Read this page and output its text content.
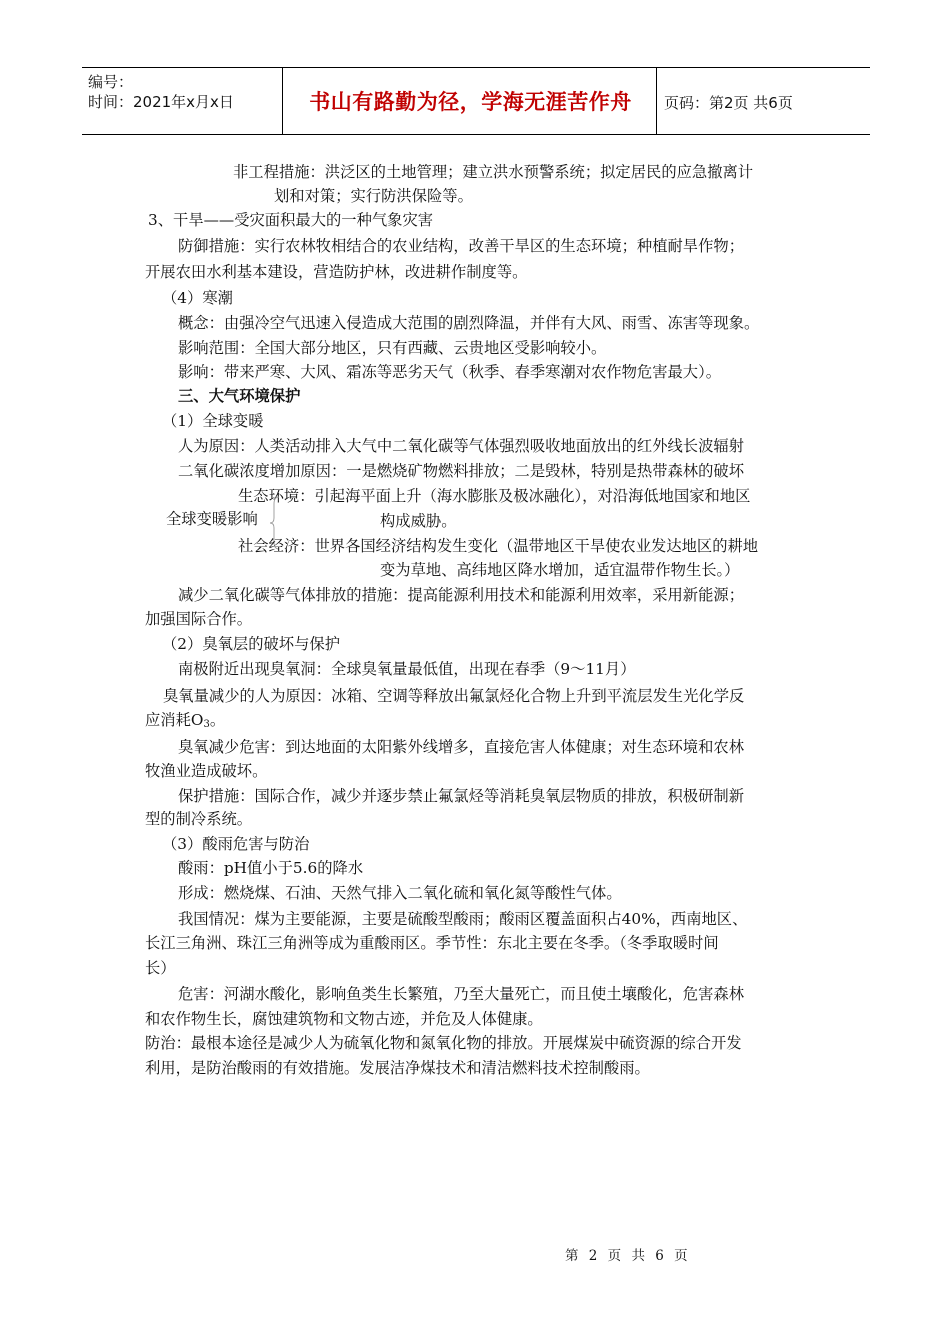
编号：
时间：2021年x月x日	书山有路勤为径，学海无涯苦作舟	页码：第2页 共6页
非工程措施：洪泛区的土地管理；建立洪水预警系统；拟定居民的应急撤离计
划和对策；实行防洪保险等。
3、干旱——受灾面积最大的一种气象灾害
防御措施：实行农林牧相结合的农业结构，改善干旱区的生态环境；种植耐旱作物；
开展农田水利基本建设，营造防护林，改进耕作制度等。
（4）寒潮
概念：由强冷空气迅速入侵造成大范围的剧烈降温，并伴有大风、雨雪、冻害等现象。
影响范围：全国大部分地区，只有西藏、云贵地区受影响较小。
影响：带来严寒、大风、霜冻等恶劣天气（秋季、春季寒潮对农作物危害最大）。
三、大气环境保护
（1）全球变暖
人为原因：人类活动排入大气中二氧化碳等气体强烈吸收地面放出的红外线长波辐射
二氧化碳浓度增加原因：一是燃烧矿物燃料排放；二是毁林，特别是热带森林的破坏
生态环境：引起海平面上升（海水膨胀及极冰融化），对沿海低地国家和地区
全球变暖影响	构成威胁。
社会经济：世界各国经济结构发生变化（温带地区干旱使农业发达地区的耕地
变为草地、高纬地区降水增加，适宜温带作物生长。）
减少二氧化碳等气体排放的措施：提高能源利用技术和能源利用效率，采用新能源；
加强国际合作。
（2）臭氧层的破坏与保护
南极附近出现臭氧洞：全球臭氧量最低值，出现在春季（9～11月）
臭氧量减少的人为原因：冰箱、空调等释放出氟氯烃化合物上升到平流层发生光化学反
应消耗$O_3$。
臭氧减少危害：到达地面的太阳紫外线增多，直接危害人体健康；对生态环境和农林
牧渔业造成破坏。
保护措施：国际合作，减少并逐步禁止氟氯烃等消耗臭氧层物质的排放，积极研制新
型的制冷系统。
（3）酸雨危害与防治
酸雨：pH值小于5.6的降水
形成：燃烧煤、石油、天然气排入二氧化硫和氧化氮等酸性气体。
我国情况：煤为主要能源，主要是硫酸型酸雨；酸雨区覆盖面积占40%，西南地区、
长江三角洲、珠江三角洲等成为重酸雨区。季节性：东北主要在冬季。（冬季取暖时间
长）
危害：河湖水酸化，影响鱼类生长繁殖，乃至大量死亡，而且使土壤酸化，危害森林
和农作物生长，腐蚀建筑物和文物古迹，并危及人体健康。
防治：最根本途径是减少人为硫氧化物和氮氧化物的排放。开展煤炭中硫资源的综合开发
利用，是防治酸雨的有效措施。发展洁净煤技术和清洁燃料技术控制酸雨。
第 2 页 共 6 页
